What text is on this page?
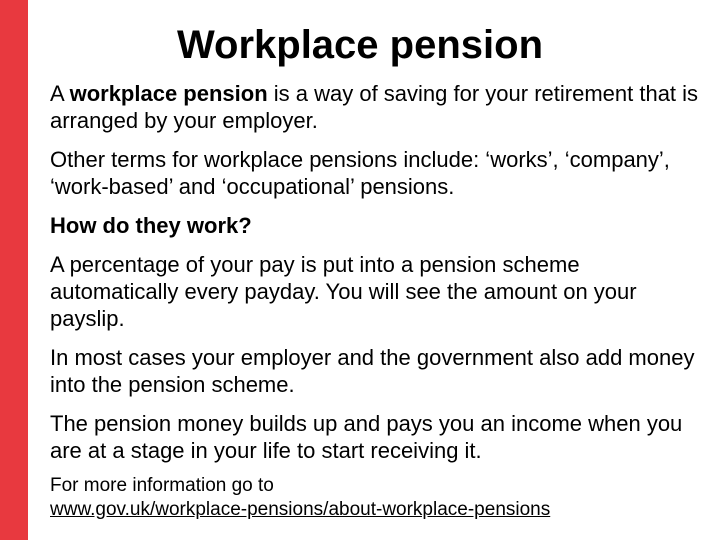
Workplace pension

A workplace pension is a way of saving for your retirement that is arranged by your employer.

Other terms for workplace pensions include: ‘works’, ‘company’, ‘work-based’ and ‘occupational’ pensions.

How do they work?

A percentage of your pay is put into a pension scheme automatically every payday. You will see the amount on your payslip.

In most cases your employer and the government also add money into the pension scheme.

The pension money builds up and pays you an income when you are at a stage in your life to start receiving it.

For more information go to
www.gov.uk/workplace-pensions/about-workplace-pensions
